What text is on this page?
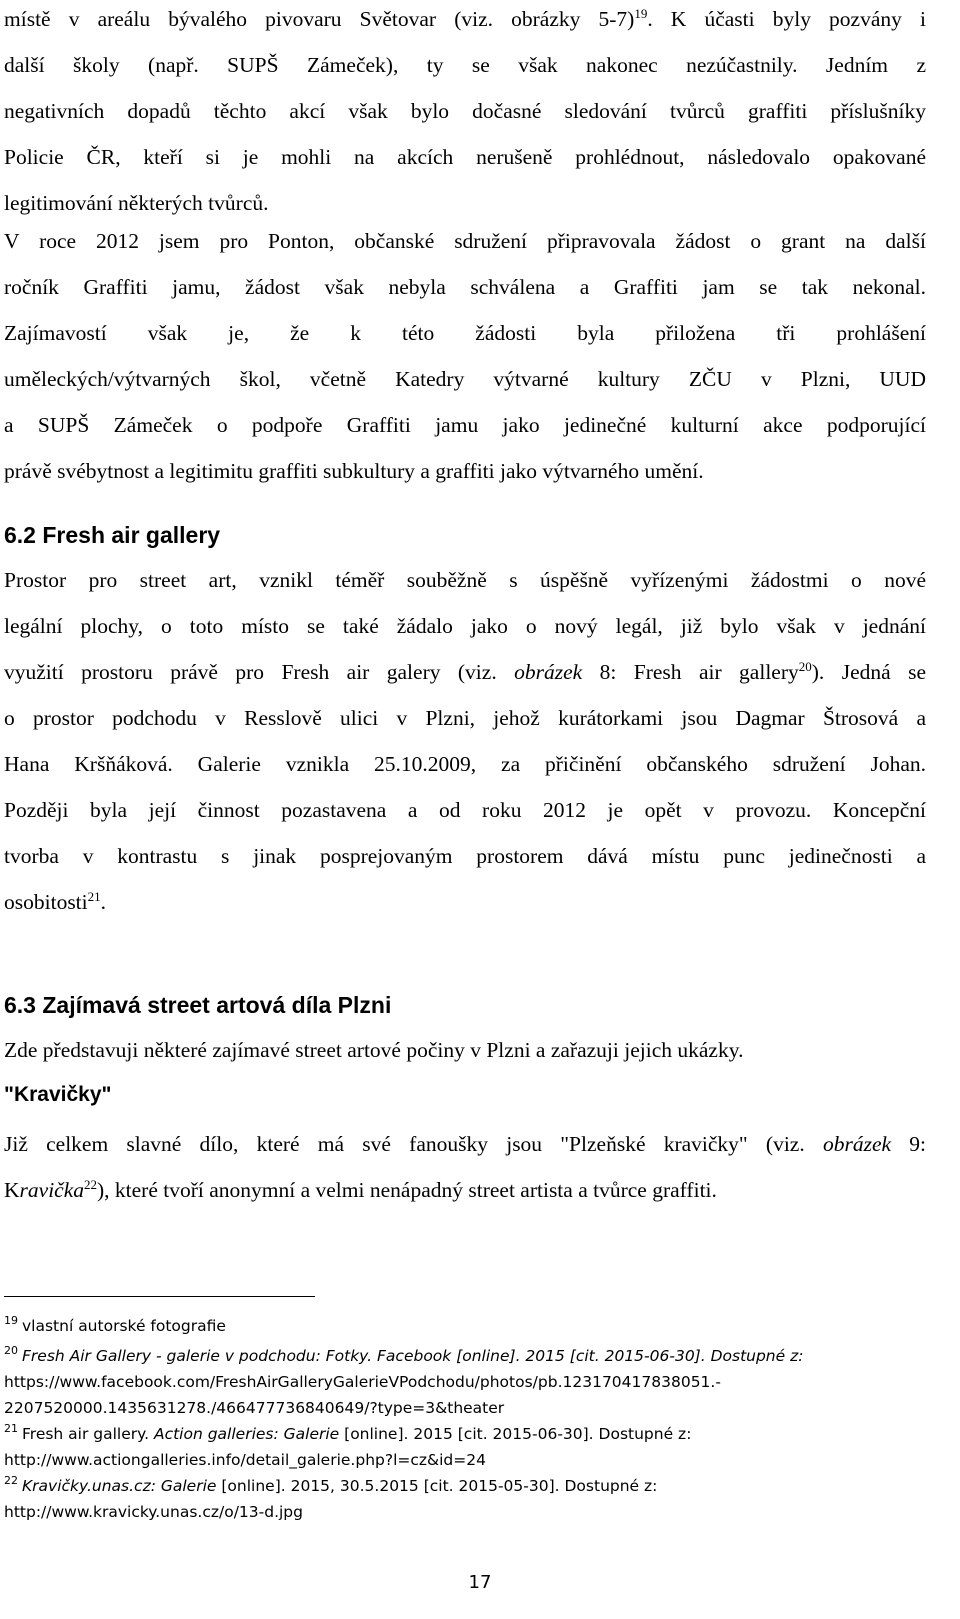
místě v areálu bývalého pivovaru Světovar (viz. obrázky 5-7)$^{19}$. K účasti byly pozvány i
další školy (např. SUPŠ Zámeček), ty se však nakonec nezúčastnily. Jedním z
negativních dopadů těchto akcí však bylo dočasné sledování tvůrců graffiti příslušníky
Policie ČR, kteří si je mohli na akcích nerušeně prohlédnout, následovalo opakované
legitimování některých tvůrců.
V roce 2012 jsem pro Ponton, občanské sdružení připravovala žádost o grant na další
ročník Graffiti jamu, žádost však nebyla schválena a Graffiti jam se tak nekonal.
Zajímavostí však je, že k této žádosti byla přiložena tři prohlášení
uměleckých/výtvarných škol, včetně Katedry výtvarné kultury ZČU v Plzni, UUD
a SUPŠ Zámeček o podpoře Graffiti jamu jako jedinečné kulturní akce podporující
právě svébytnost a legitimitu graffiti subkultury a graffiti jako výtvarného umění.
6.2 Fresh air gallery
Prostor pro street art, vznikl téměř souběžně s úspěšně vyřízenými žádostmi o nové
legální plochy, o toto místo se také žádalo jako o nový legál, již bylo však v jednání
využití prostoru právě pro Fresh air galery (viz. obrázek 8: Fresh air gallery$^{20}$). Jedná se
o prostor podchodu v Resslově ulici v Plzni, jehož kurátorkami jsou Dagmar Štrosová a
Hana Kršňáková. Galerie vznikla 25.10.2009, za přičinění občanského sdružení Johan.
Později byla její činnost pozastavena a od roku 2012 je opět v provozu. Koncepční
tvorba v kontrastu s jinak posprejovaným prostorem dává místu punc jedinečnosti a
osobitosti$^{21}$.
6.3 Zajímavá street artová díla Plzni
Zde představuji některé zajímavé street artové počiny v Plzni a zařazuji jejich ukázky.
"Kravičky"
Již celkem slavné dílo, které má své fanoušky jsou "Plzeňské kravičky" (viz. obrázek 9:
Kravička$^{22}$), které tvoří anonymní a velmi nenápadný street artista a tvůrce graffiti.
$^{19}$ vlastní autorské fotografie
$^{20}$ Fresh Air Gallery - galerie v podchodu: Fotky. Facebook [online]. 2015 [cit. 2015-06-30]. Dostupné z:
https://www.facebook.com/FreshAirGalleryGalerieVPodchodu/photos/pb.123170417838051.-
2207520000.1435631278./466477736840649/?type=3&theater
$^{21}$ Fresh air gallery. Action galleries: Galerie [online]. 2015 [cit. 2015-06-30]. Dostupné z:
http://www.actiongalleries.info/detail_galerie.php?l=cz&id=24
$^{22}$ Kravičky.unas.cz: Galerie [online]. 2015, 30.5.2015 [cit. 2015-05-30]. Dostupné z:
http://www.kravicky.unas.cz/o/13-d.jpg
17
